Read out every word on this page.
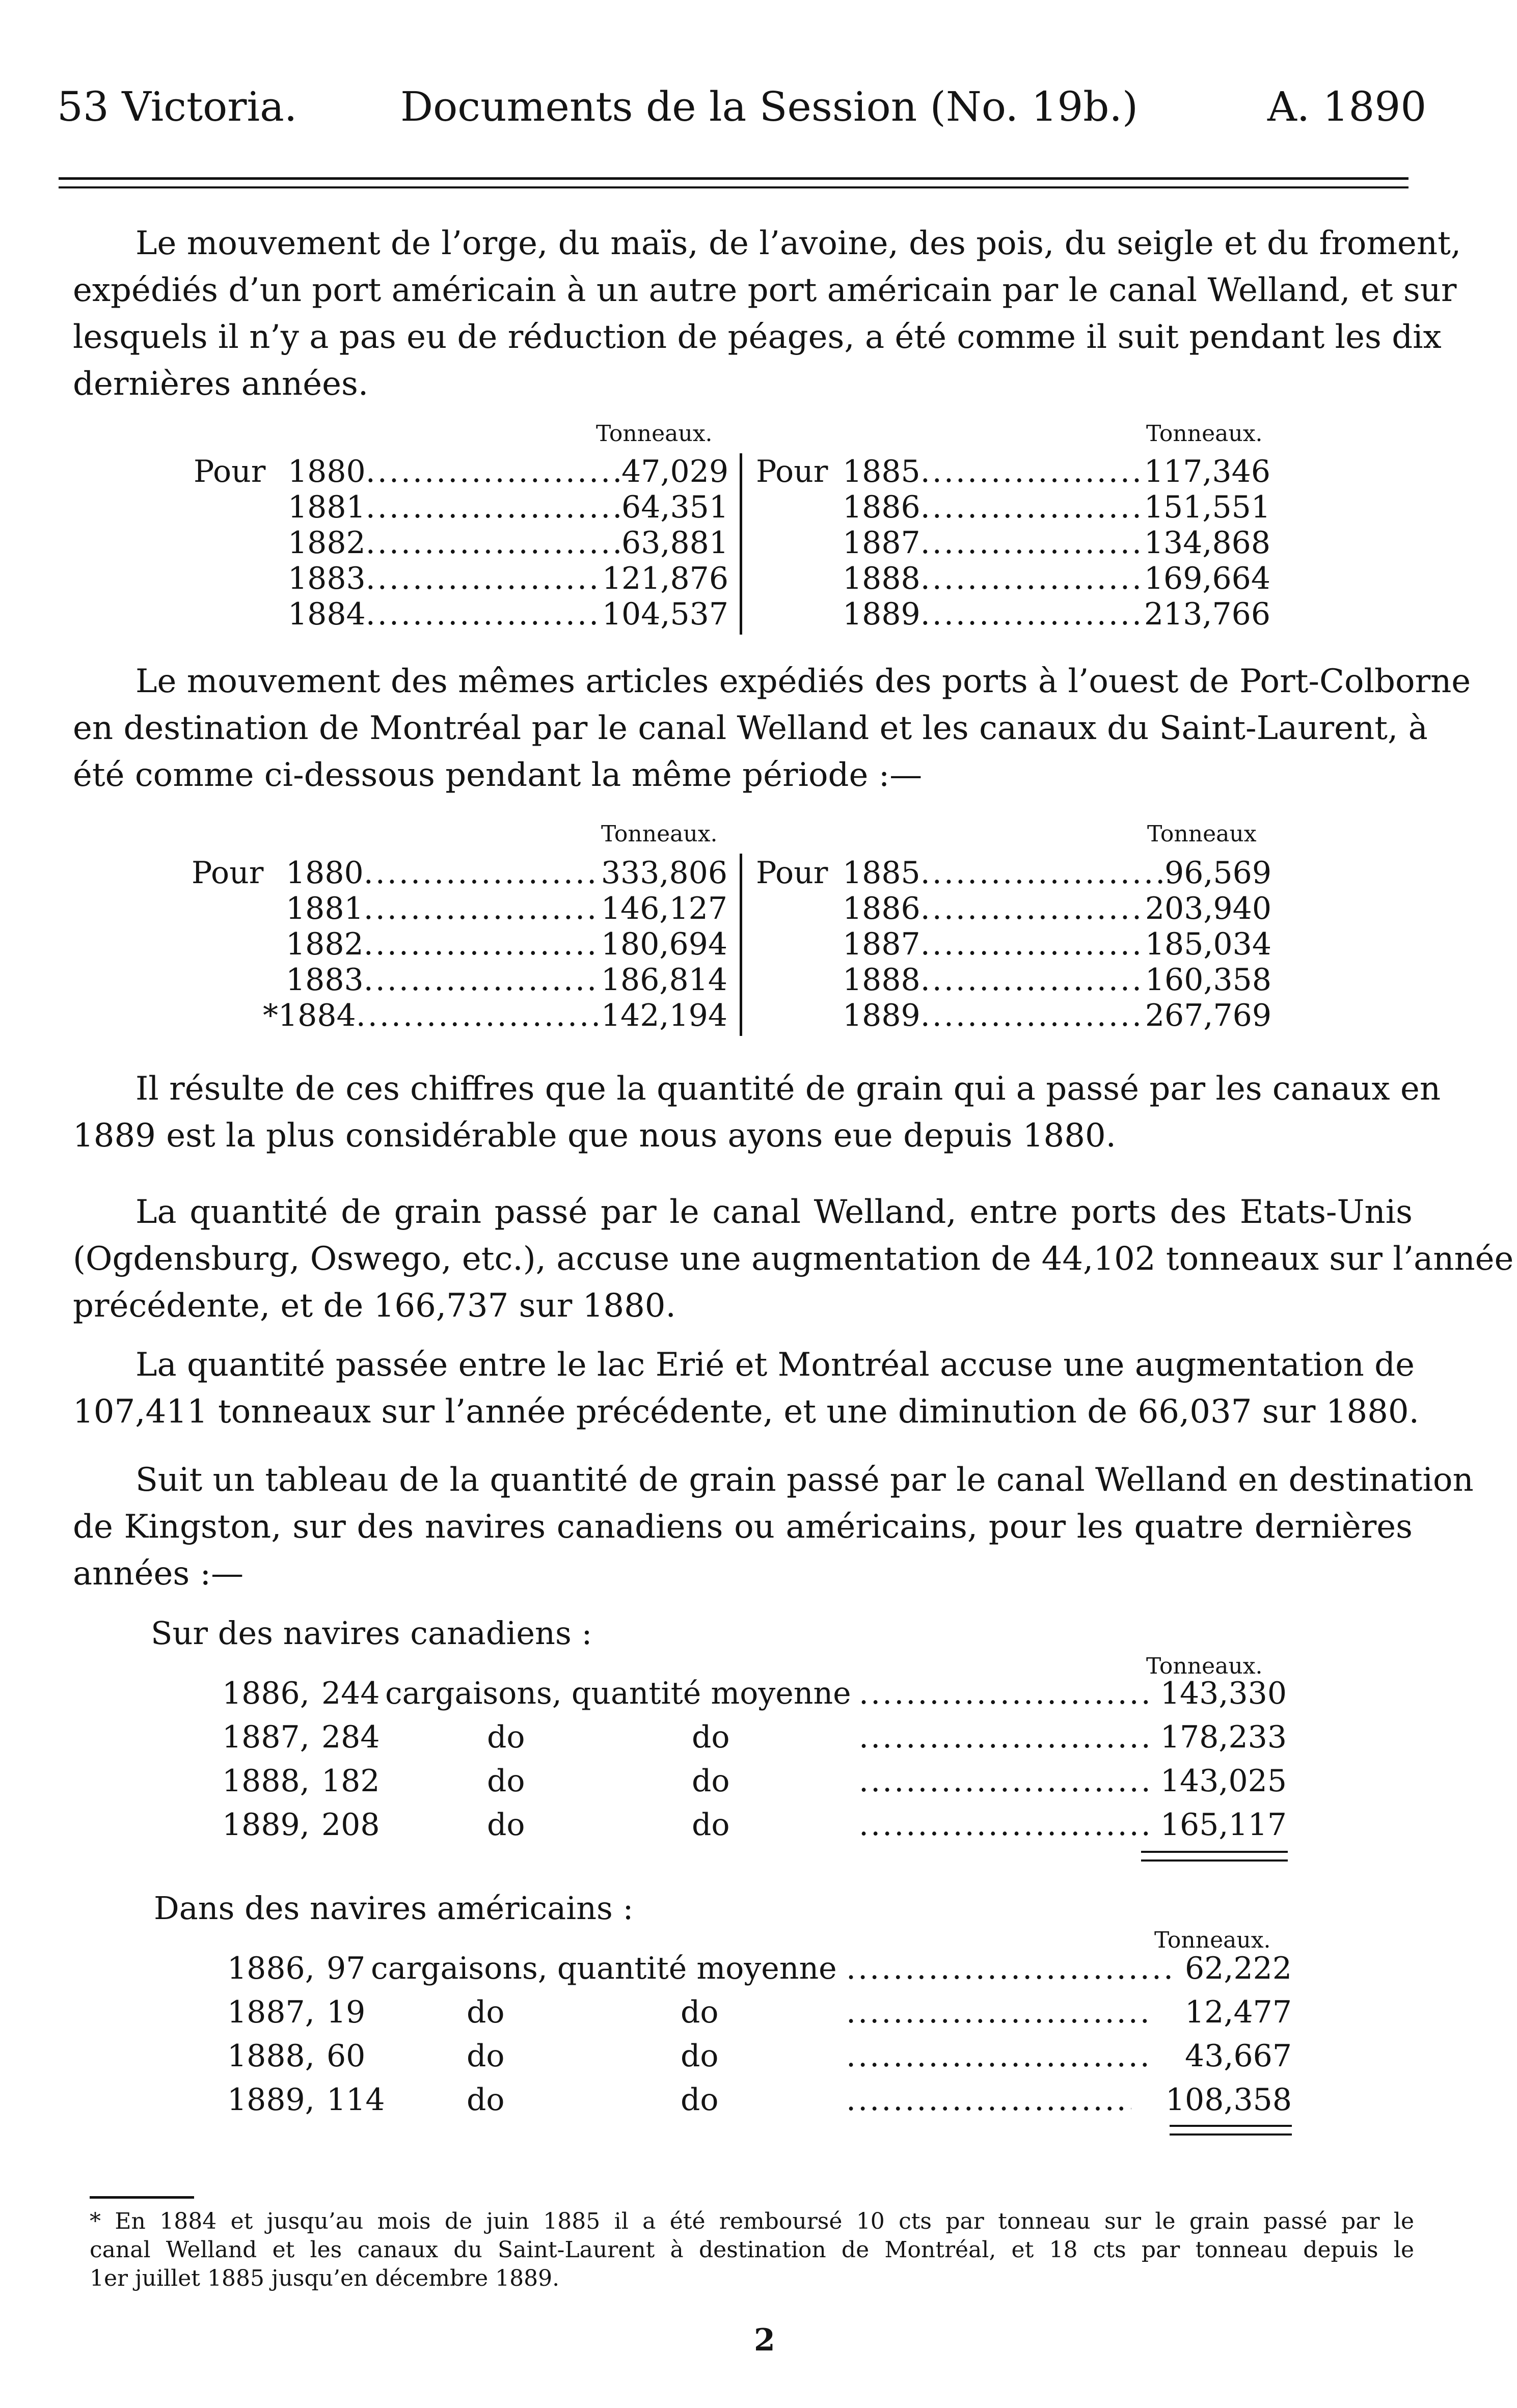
53 Victoria.	Documents de la Session (No. 19b.)	A. 1890
Le mouvement de l’orge, du maïs, de l’avoine, des pois, du seigle et du froment,
expédiés d’un port américain à un autre port américain par le canal Welland, et sur
lesquels il n’y a pas eu de réduction de péages, a été comme il suit pendant les dix
dernières années.
Tonneaux.	Tonneaux.
Pour 1880 .....	47,029
1881 .....	64,351
1882 .....	63,881
1883 .....	121,876
1884 .....	104,537
Pour 1885 .....	117,346
1886 .....	151,551
1887 .....	134,868
1888 .....	169,664
1889 .....	213,766
Le mouvement des mêmes articles expédiés des ports à l’ouest de Port-Colborne
en destination de Montréal par le canal Welland et les canaux du Saint-Laurent, à
été comme ci-dessous pendant la même période :—
Tonneaux.	Tonneaux
Pour 1880 .....	333,806
1881 .....	146,127
1882 .....	180,694
1883 .....	186,814
*1884 .....	142,194
Pour 1885 .....	96,569
1886 .....	203,940
1887 .....	185,034
1888 .....	160,358
1889 .....	267,769
Il résulte de ces chiffres que la quantité de grain qui a passé par les canaux en
1889 est la plus considérable que nous ayons eue depuis 1880.
La quantité de grain passé par le canal Welland, entre ports des Etats-Unis
(Ogdensburg, Oswego, etc.), accuse une augmentation de 44,102 tonneaux sur l’année
précédente, et de 166,737 sur 1880.
La quantité passée entre le lac Erié et Montréal accuse une augmentation de
107,411 tonneaux sur l’année précédente, et une diminution de 66,037 sur 1880.
Suit un tableau de la quantité de grain passé par le canal Welland en destination
de Kingston, sur des navires canadiens ou américains, pour les quatre dernières
années :—
Sur des navires canadiens :
Tonneaux.
1886, 244 cargaisons, quantité moyenne .....	143,330
1887, 284	do	do .....	178,233
1888, 182	do	do .....	143,025
1889, 208	do	do .....	165,117
Dans des navires américains :
Tonneaux.
1886, 97 cargaisons, quantité moyenne .....	62,222
1887, 19	do	do .....	12,477
1888, 60	do	do .....	43,667
1889, 114	do	do .....	108,358
* En 1884 et jusqu’au mois de juin 1885 il a été remboursé 10 cts par tonneau sur le grain passé par le
canal Welland et les canaux du Saint-Laurent à destination de Montréal, et 18 cts par tonneau depuis le
1er juillet 1885 jusqu’en décembre 1889.
2
